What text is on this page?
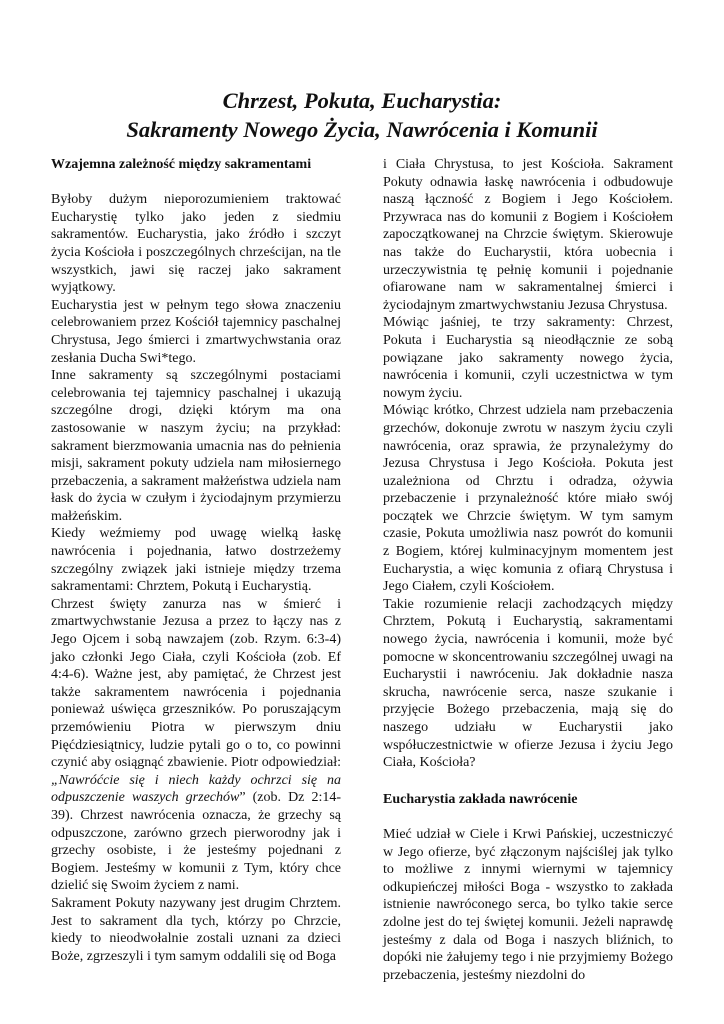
Chrzest, Pokuta, Eucharystia:
Sakramenty Nowego Życia, Nawrócenia i Komunii

Wzajemna zależność między sakramentami

Byłoby dużym nieporozumieniem traktować Eucharystię tylko jako jeden z siedmiu sakramentów. Eucharystia, jako źródło i szczyt życia Kościoła i poszczególnych chrześcijan, na tle wszystkich, jawi się raczej jako sakrament wyjątkowy.

Eucharystia jest w pełnym tego słowa znaczeniu celebrowaniem przez Kościół tajemnicy paschalnej Chrystusa, Jego śmierci i zmartwychwstania oraz zesłania Ducha Swi*tego.

Inne sakramenty są szczególnymi postaciami celebrowania tej tajemnicy paschalnej i ukazują szczególne drogi, dzięki którym ma ona zastosowanie w naszym życiu; na przykład: sakrament bierzmowania umacnia nas do pełnienia misji, sakrament pokuty udziela nam miłosiernego przebaczenia, a sakrament małżeństwa udziela nam łask do życia w czułym i życiodajnym przymierzu małżeńskim.

Kiedy weźmiemy pod uwagę wielką łaskę nawrócenia i pojednania, łatwo dostrzeżemy szczególny związek jaki istnieje między trzema sakramentami: Chrztem, Pokutą i Eucharystią.

Chrzest święty zanurza nas w śmierć i zmartwychwstanie Jezusa a przez to łączy nas z Jego Ojcem i sobą nawzajem (zob. Rzym. 6:3-4) jako członki Jego Ciała, czyli Kościoła (zob. Ef 4:4-6). Ważne jest, aby pamiętać, że Chrzest jest także sakramentem nawrócenia i pojednania ponieważ uświęca grzeszników. Po poruszającym przemówieniu Piotra w pierwszym dniu Pięćdziesiątnicy, ludzie pytali go o to, co powinni czynić aby osiągnąć zbawienie. Piotr odpowiedział: „Nawróćcie się i niech każdy ochrzci się na odpuszczenie waszych grzechów” (zob. Dz 2:14-39). Chrzest nawrócenia oznacza, że grzechy są odpuszczone, zarówno grzech pierworodny jak i grzechy osobiste, i że jesteśmy pojednani z Bogiem. Jesteśmy w komunii z Tym, który chce dzielić się Swoim życiem z nami.

Sakrament Pokuty nazywany jest drugim Chrztem. Jest to sakrament dla tych, którzy po Chrzcie, kiedy to nieodwołalnie zostali uznani za dzieci Boże, zgrzeszyli i tym samym oddalili się od Boga

i Ciała Chrystusa, to jest Kościoła. Sakrament Pokuty odnawia łaskę nawrócenia i odbudowuje naszą łączność z Bogiem i Jego Kościołem. Przywraca nas do komunii z Bogiem i Kościołem zapoczątkowanej na Chrzcie świętym. Skierowuje nas także do Eucharystii, która uobecnia i urzeczywistnia tę pełnię komunii i pojednanie ofiarowane nam w sakramentalnej śmierci i życiodajnym zmartwychwstaniu Jezusa Chrystusa.

Mówiąc jaśniej, te trzy sakramenty: Chrzest, Pokuta i Eucharystia są nieodłącznie ze sobą powiązane jako sakramenty nowego życia, nawrócenia i komunii, czyli uczestnictwa w tym nowym życiu.

Mówiąc krótko, Chrzest udziela nam przebaczenia grzechów, dokonuje zwrotu w naszym życiu czyli nawrócenia, oraz sprawia, że przynależymy do Jezusa Chrystusa i Jego Kościoła. Pokuta jest uzależniona od Chrztu i odradza, ożywia przebaczenie i przynależność które miało swój początek we Chrzcie świętym. W tym samym czasie, Pokuta umożliwia nasz powrót do komunii z Bogiem, której kulminacyjnym momentem jest Eucharystia, a więc komunia z ofiarą Chrystusa i Jego Ciałem, czyli Kościołem.

Takie rozumienie relacji zachodzących między Chrztem, Pokutą i Eucharystią, sakramentami nowego życia, nawrócenia i komunii, może być pomocne w skoncentrowaniu szczególnej uwagi na Eucharystii i nawróceniu. Jak dokładnie nasza skrucha, nawrócenie serca, nasze szukanie i przyjęcie Bożego przebaczenia, mają się do naszego udziału w Eucharystii jako współuczestnictwie w ofierze Jezusa i życiu Jego Ciała, Kościoła?

Eucharystia zakłada nawrócenie

Mieć udział w Ciele i Krwi Pańskiej, uczestniczyć w Jego ofierze, być złączonym najściślej jak tylko to możliwe z innymi wiernymi w tajemnicy odkupieńczej miłości Boga - wszystko to zakłada istnienie nawróconego serca, bo tylko takie serce zdolne jest do tej świętej komunii. Jeżeli naprawdę jesteśmy z dala od Boga i naszych bliźnich, to dopóki nie żałujemy tego i nie przyjmiemy Bożego przebaczenia, jesteśmy niezdolni do
